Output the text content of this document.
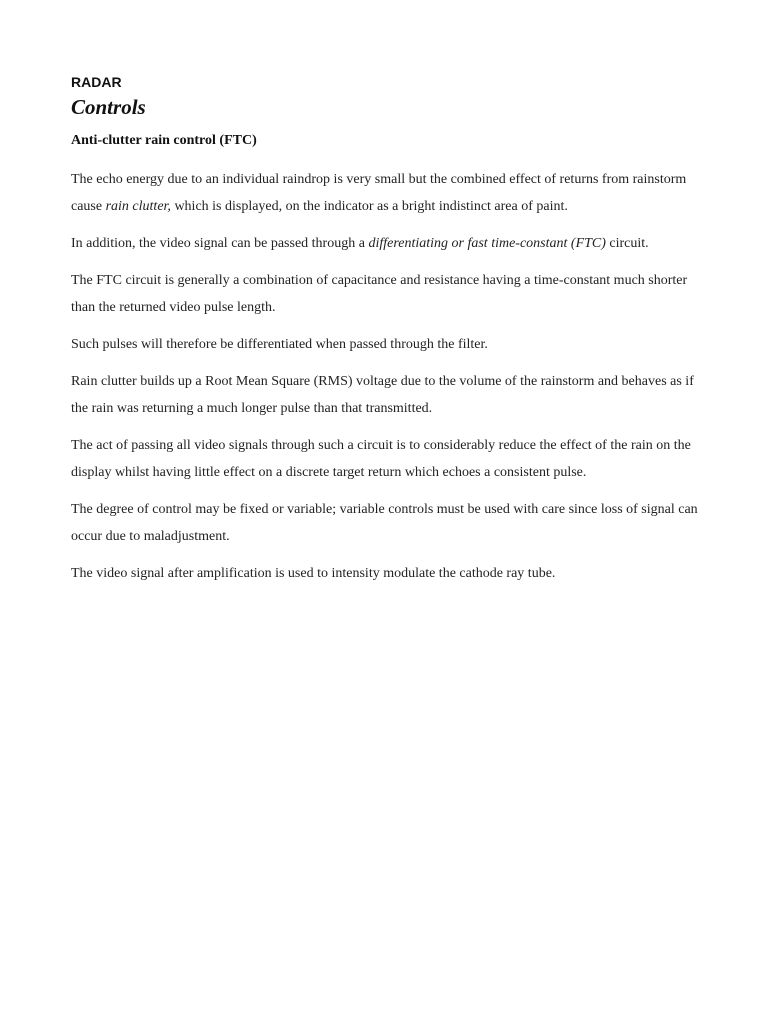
RADAR

Controls
Anti-clutter rain control (FTC)

The echo energy due to an individual raindrop is very small but the combined effect of returns from rainstorm cause rain clutter, which is displayed, on the indicator as a bright indistinct area of paint.

In addition, the video signal can be passed through a differentiating or fast time-constant (FTC) circuit.

The FTC circuit is generally a combination of capacitance and resistance having a time-constant much shorter than the returned video pulse length.

Such pulses will therefore be differentiated when passed through the filter.

Rain clutter builds up a Root Mean Square (RMS) voltage due to the volume of the rainstorm and behaves as if the rain was returning a much longer pulse than that transmitted.

The act of passing all video signals through such a circuit is to considerably reduce the effect of the rain on the display whilst having little effect on a discrete target return which echoes a consistent pulse.

The degree of control may be fixed or variable; variable controls must be used with care since loss of signal can occur due to maladjustment.

The video signal after amplification is used to intensity modulate the cathode ray tube.
